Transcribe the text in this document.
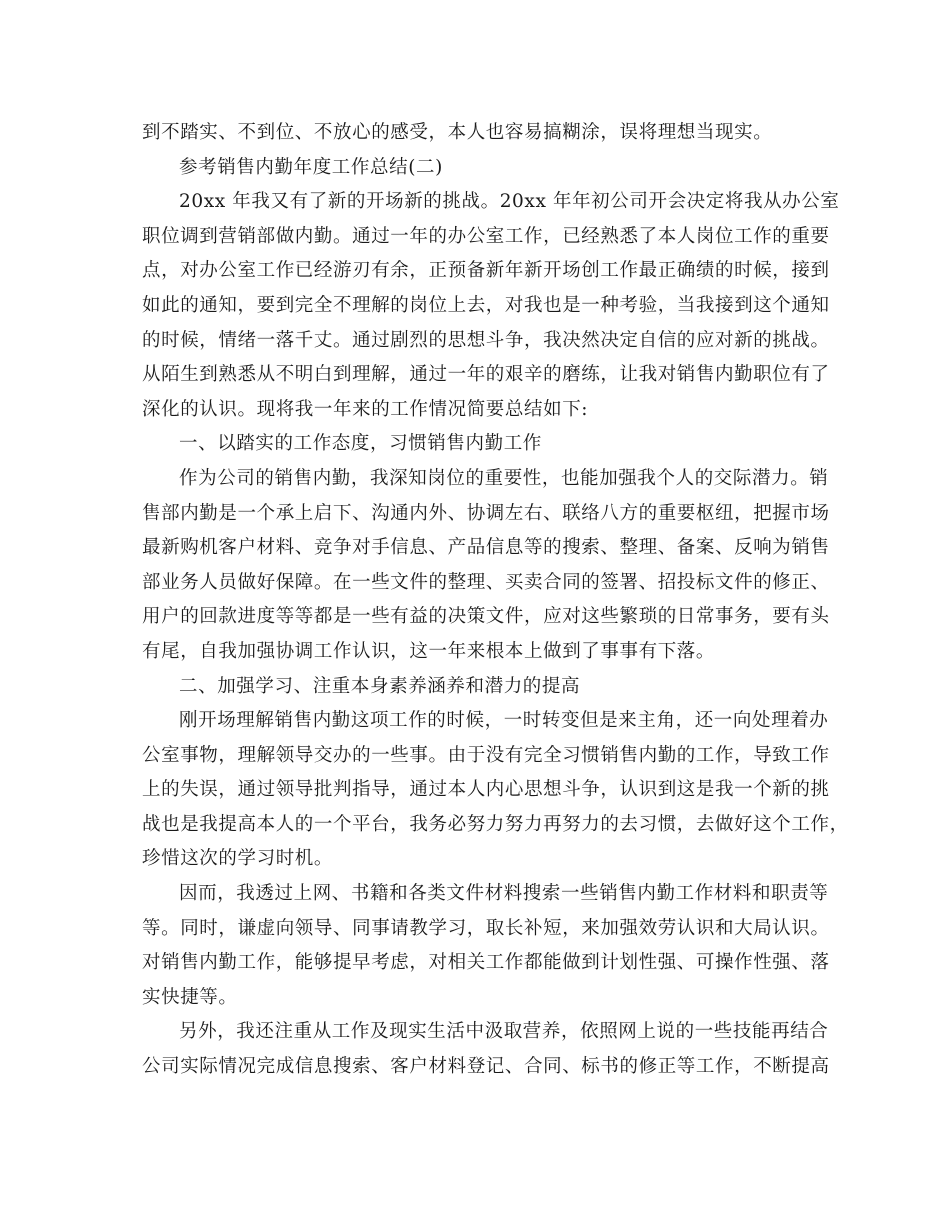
到不踏实、不到位、不放心的感受，本人也容易搞糊涂，误将理想当现实。
参考销售内勤年度工作总结(二)
20xx 年我又有了新的开场新的挑战。20xx 年年初公司开会决定将我从办公室
职位调到营销部做内勤。通过一年的办公室工作，已经熟悉了本人岗位工作的重要
点，对办公室工作已经游刃有余，正预备新年新开场创工作最正确绩的时候，接到
如此的通知，要到完全不理解的岗位上去，对我也是一种考验，当我接到这个通知
的时候，情绪一落千丈。通过剧烈的思想斗争，我决然决定自信的应对新的挑战。
从陌生到熟悉从不明白到理解，通过一年的艰辛的磨练，让我对销售内勤职位有了
深化的认识。现将我一年来的工作情况简要总结如下:
一、以踏实的工作态度，习惯销售内勤工作
作为公司的销售内勤，我深知岗位的重要性，也能加强我个人的交际潜力。销
售部内勤是一个承上启下、沟通内外、协调左右、联络八方的重要枢纽，把握市场
最新购机客户材料、竞争对手信息、产品信息等的搜索、整理、备案、反响为销售
部业务人员做好保障。在一些文件的整理、买卖合同的签署、招投标文件的修正、
用户的回款进度等等都是一些有益的决策文件，应对这些繁琐的日常事务，要有头
有尾，自我加强协调工作认识，这一年来根本上做到了事事有下落。
二、加强学习、注重本身素养涵养和潜力的提高
刚开场理解销售内勤这项工作的时候，一时转变但是来主角，还一向处理着办
公室事物，理解领导交办的一些事。由于没有完全习惯销售内勤的工作，导致工作
上的失误，通过领导批判指导，通过本人内心思想斗争，认识到这是我一个新的挑
战也是我提高本人的一个平台，我务必努力努力再努力的去习惯，去做好这个工作，
珍惜这次的学习时机。
因而，我透过上网、书籍和各类文件材料搜索一些销售内勤工作材料和职责等
等。同时，谦虚向领导、同事请教学习，取长补短，来加强效劳认识和大局认识。
对销售内勤工作，能够提早考虑，对相关工作都能做到计划性强、可操作性强、落
实快捷等。
另外，我还注重从工作及现实生活中汲取营养，依照网上说的一些技能再结合
公司实际情况完成信息搜索、客户材料登记、合同、标书的修正等工作，不断提高
